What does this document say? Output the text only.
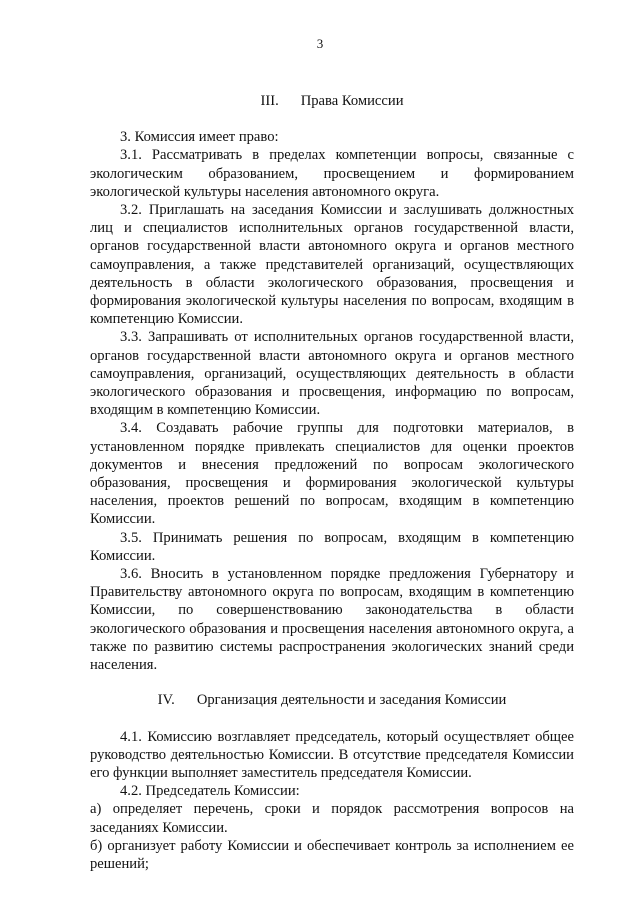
3
III. Права Комиссии

3. Комиссия имеет право:

3.1. Рассматривать в пределах компетенции вопросы, связанные с экологическим образованием, просвещением и формированием экологической культуры населения автономного округа.

3.2. Приглашать на заседания Комиссии и заслушивать должностных лиц и специалистов исполнительных органов государственной власти, органов государственной власти автономного округа и органов местного самоуправления, а также представителей организаций, осуществляющих деятельность в области экологического образования, просвещения и формирования экологической культуры населения по вопросам, входящим в компетенцию Комиссии.

3.3. Запрашивать от исполнительных органов государственной власти, органов государственной власти автономного округа и органов местного самоуправления, организаций, осуществляющих деятельность в области экологического образования и просвещения, информацию по вопросам, входящим в компетенцию Комиссии.

3.4. Создавать рабочие группы для подготовки материалов, в установленном порядке привлекать специалистов для оценки проектов документов и внесения предложений по вопросам экологического образования, просвещения и формирования экологической культуры населения, проектов решений по вопросам, входящим в компетенцию Комиссии.

3.5. Принимать решения по вопросам, входящим в компетенцию Комиссии.

3.6. Вносить в установленном порядке предложения Губернатору и Правительству автономного округа по вопросам, входящим в компетенцию Комиссии, по совершенствованию законодательства в области экологического образования и просвещения населения автономного округа, а также по развитию системы распространения экологических знаний среди населения.

IV. Организация деятельности и заседания Комиссии

4.1. Комиссию возглавляет председатель, который осуществляет общее руководство деятельностью Комиссии. В отсутствие председателя Комиссии его функции выполняет заместитель председателя Комиссии.

4.2. Председатель Комиссии:

а) определяет перечень, сроки и порядок рассмотрения вопросов на заседаниях Комиссии.

б) организует работу Комиссии и обеспечивает контроль за исполнением ее решений;
